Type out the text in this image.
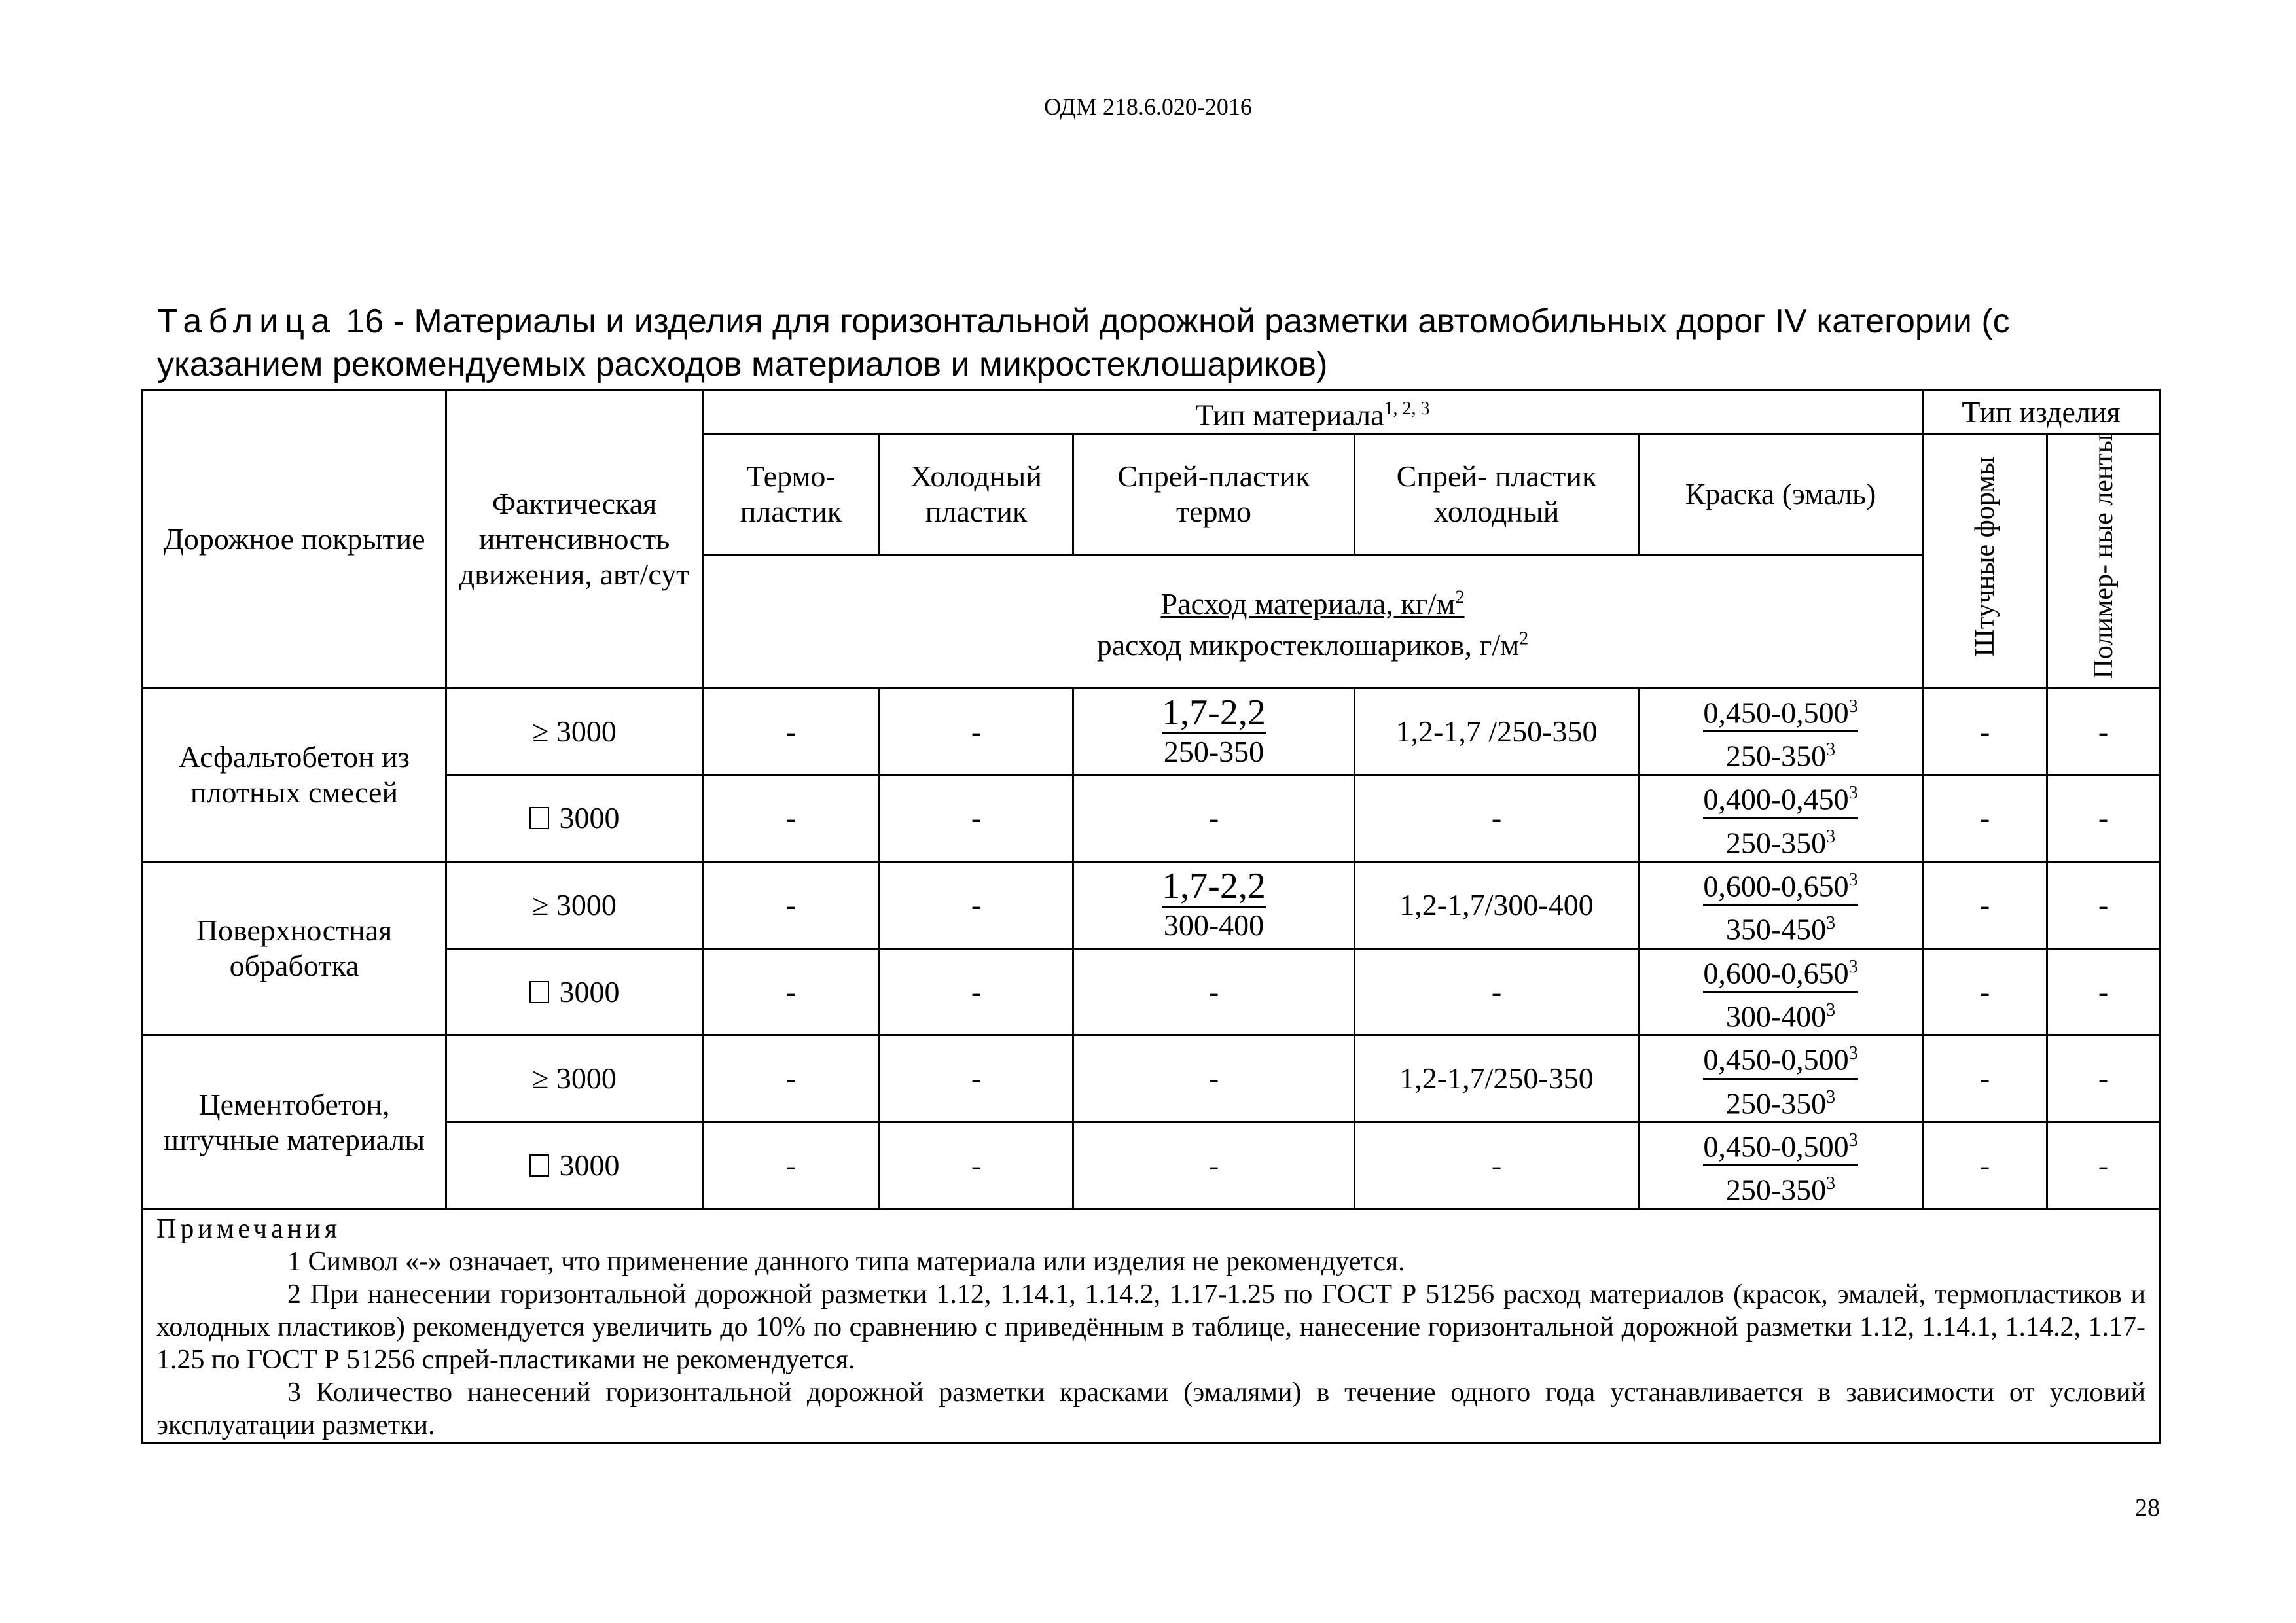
ОДМ 218.6.020-2016
Таблица 16 - Материалы и изделия для горизонтальной дорожной разметки автомобильных дорог IV категории (с указанием рекомендуемых расходов материалов и микростеклошариков)
Дорожное покрытие	Фактическая интенсивность движения, авт/сут	Тип материала$^{1, 2, 3}$					Тип изделия	
		Термо- пластик	Холодный пластик	Спрей-пластик термо	Спрей- пластик холодный	Краска (эмаль)	Штучные формы	Полимер- ные ленты
		Расход материала, $кг/м^2$
расход микростеклошариков, $г/м^2$
Асфальтобетон из плотных смесей	≥ 3000	-	-	$\frac{1,7-2,2}{250-350}$	1,2-1,7 /250-350	$\frac{0,450-0,500^3}{250-350^3}$	-	-
	3000	-	-	-	-	$\frac{0,400-0,450^3}{250-350^3}$	-	-
Поверхностная обработка	≥ 3000	-	-	$\frac{1,7-2,2}{300-400}$	1,2-1,7/300-400	$\frac{0,600-0,650^3}{350-450^3}$	-	-
	3000	-	-	-	-	$\frac{0,600-0,650^3}{300-400^3}$	-	-
Цементобетон, штучные материалы	≥ 3000	-	-	-	1,2-1,7/250-350	$\frac{0,450-0,500^3}{250-350^3}$	-	-
	3000	-	-	-	-	$\frac{0,450-0,500^3}{250-350^3}$	-	-

Примечания

1 Символ «-» означает, что применение данного типа материала или изделия не рекомендуется.

2 При нанесении горизонтальной дорожной разметки 1.12, 1.14.1, 1.14.2, 1.17-1.25 по ГОСТ Р 51256 расход материалов (красок, эмалей, термопластиков и холодных пластиков) рекомендуется увеличить до 10% по сравнению с приведённым в таблице, нанесение горизонтальной дорожной разметки 1.12, 1.14.1, 1.14.2, 1.17-1.25 по ГОСТ Р 51256 спрей-пластиками не рекомендуется.

3 Количество нанесений горизонтальной дорожной разметки красками (эмалями) в течение одного года устанавливается в зависимости от условий эксплуатации разметки.								

28
